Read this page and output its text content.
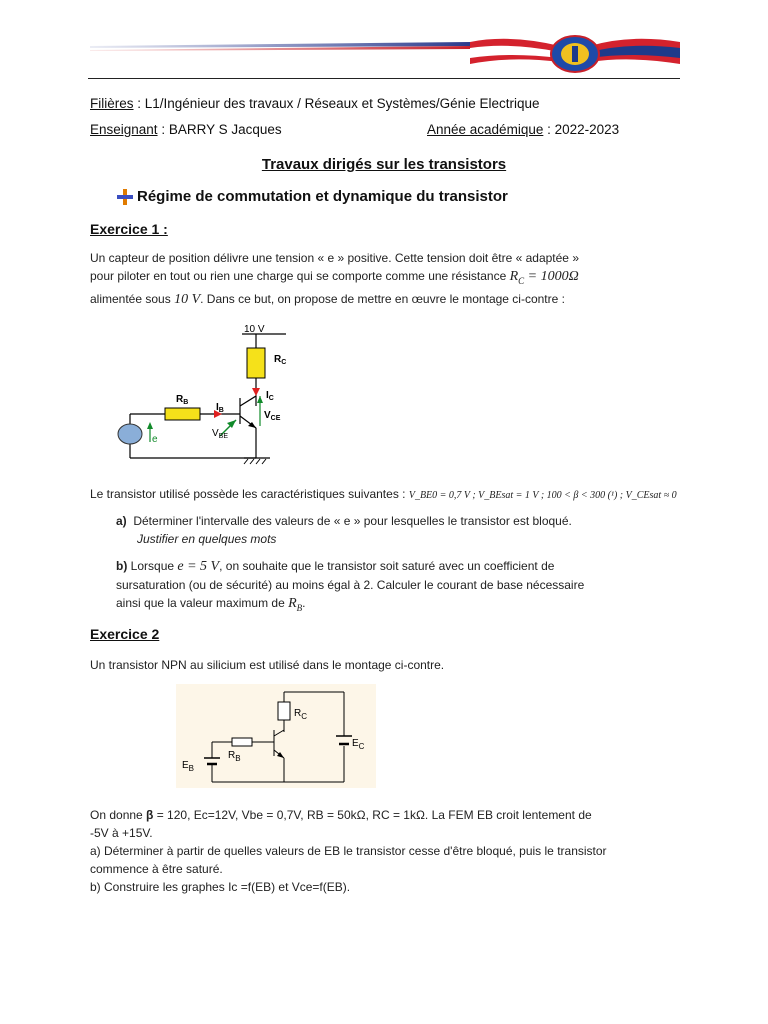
Filières : L1/Ingénieur des travaux / Réseaux et Systèmes/Génie Electrique
Enseignant : BARRY S Jacques	Année académique : 2022-2023
Travaux dirigés sur les transistors
Régime de commutation et dynamique du transistor
Exercice 1 :
Un capteur de position délivre une tension « e » positive. Cette tension doit être « adaptée »
pour piloter en tout ou rien une charge qui se comporte comme une résistance $R_C = 1000\Omega$
alimentée sous 10 V. Dans ce but, on propose de mettre en œuvre le montage ci-contre :
10 V
$R_C$
$R_B$	$I_B$
$I_C$
$V_{CE}$
$V_{BE}$
e
Le transistor utilisé possède les caractéristiques suivantes : V_BE0 = 0,7 V ; V_BEsat = 1 V ; 100 < β < 300 (¹) ; V_CEsat ≈ 0
a) Déterminer l'intervalle des valeurs de « e » pour lesquelles le transistor est bloqué.
Justifier en quelques mots
b) Lorsque e = 5 V, on souhaite que le transistor soit saturé avec un coefficient de
sursaturation (ou de sécurité) au moins égal à 2. Calculer le courant de base nécessaire
ainsi que la valeur maximum de $R_B$.
Exercice 2
Un transistor NPN au silicium est utilisé dans le montage ci-contre.
$R_C$
$R_B$
$E_B$
$E_C$
On donne β = 120, Ec=12V, Vbe = 0,7V, RB = 50kΩ, RC = 1kΩ. La FEM EB croit lentement de
-5V à +15V.
a) Déterminer à partir de quelles valeurs de EB le transistor cesse d'être bloqué, puis le transistor
commence à être saturé.
b) Construire les graphes Ic =f(EB) et Vce=f(EB).
